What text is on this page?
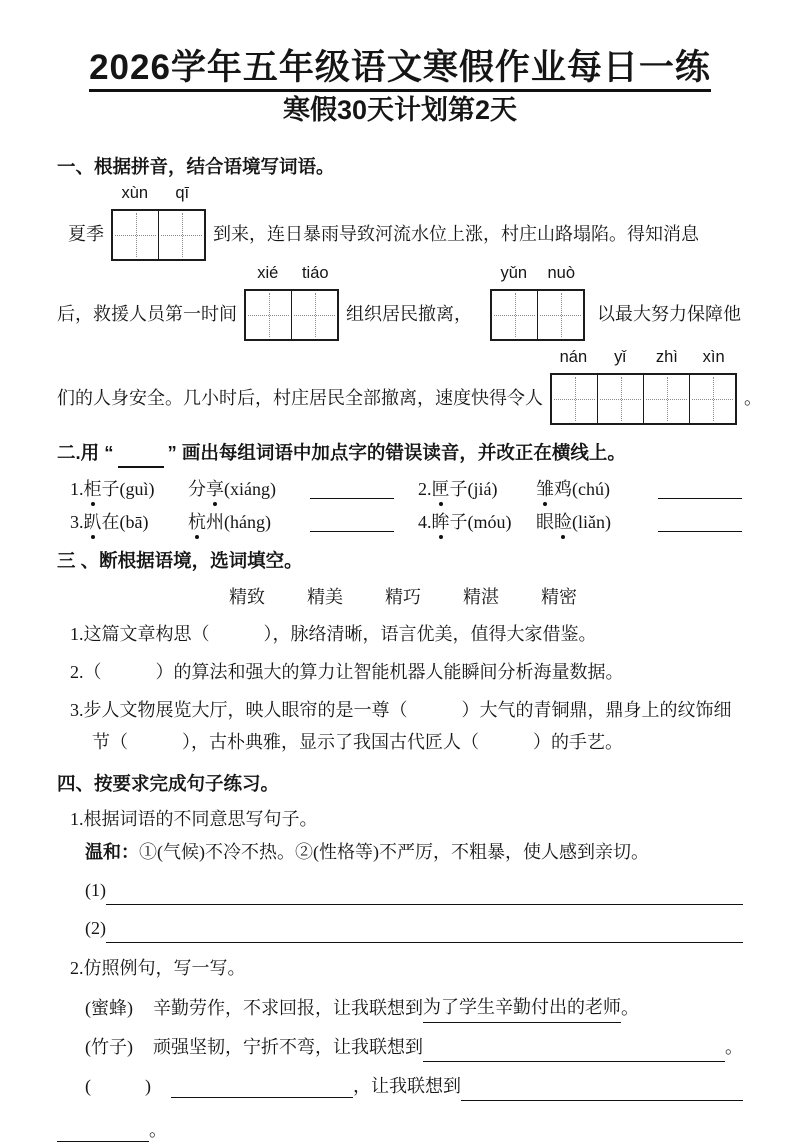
2026学年五年级语文寒假作业每日一练

寒假30天计划第2天
一、根据拼音，结合语境写词语。
夏季
xùn	qī
到来，连日暴雨导致河流水位上涨，村庄山路塌陷。得知消息
后，救援人员第一时间
xié	tiáo
组织居民撤离，
yǔn	nuò
以最大努力保障他
们的人身安全。几小时后，村庄居民全部撤离，速度快得令人
nán	yǐ	zhì	xìn
。
二.用 “	” 画出每组词语中加点字的错误读音，并改正在横线上。
1.柜子(guì)	分享(xiáng)	2.匣子(jiá)	雏鸡(chú)
3.趴在(bā)	杭州(háng)	4.眸子(móu)	眼睑(liǎn)
三 、断根据语境，选词填空。
精致 精美 精巧 精湛 精密
1.这篇文章构思（　　　），脉络清晰，语言优美，值得大家借鉴。
2.（　　　）的算法和强大的算力让智能机器人能瞬间分析海量数据。
3.步人文物展览大厅，映人眼帘的是一尊（　　　）大气的青铜鼎，鼎身上的纹饰细节（　　　），古朴典雅，显示了我国古代匠人（　　　）的手艺。
四、按要求完成句子练习。
1.根据词语的不同意思写句子。
温和：①(气候)不冷不热。②(性格等)不严厉，不粗暴，使人感到亲切。
(1)
(2)
2.仿照例句，写一写。
(蜜蜂) 辛勤劳作，不求回报，让我联想到 为了学生辛勤付出的老师 。
(竹子) 顽强坚韧，宁折不弯，让我联想到	。
(　　　)	，让我联想到
。
